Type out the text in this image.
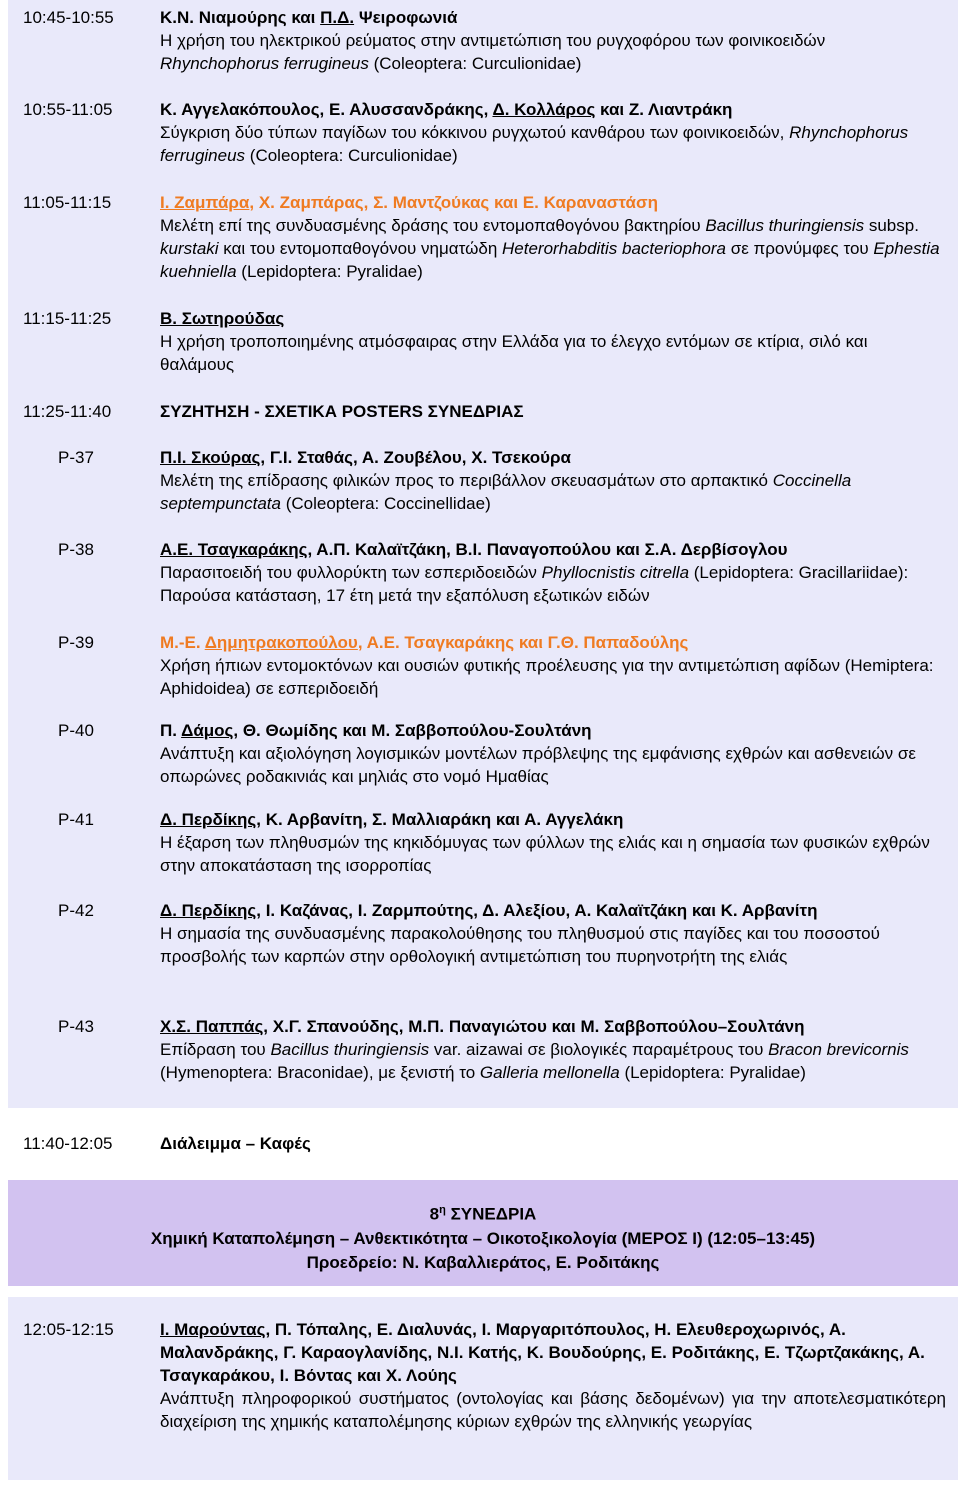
10:45-10:55	Κ.Ν. Νιαμούρης και Π.Δ. Ψειροφωνιά
Η χρήση του ηλεκτρικού ρεύματος στην αντιμετώπιση του ρυγχοφόρου των φοινικοειδών Rhynchophorus ferrugineus (Coleoptera: Curculionidae)
10:55-11:05	Κ. Αγγελακόπουλος, Ε. Αλυσσανδράκης, Δ. Κολλάρος και Ζ. Λιαντράκη
Σύγκριση δύο τύπων παγίδων του κόκκινου ρυγχωτού κανθάρου των φοινικοειδών, Rhynchophorus ferrugineus (Coleoptera: Curculionidae)
11:05-11:15	Ι. Ζαμπάρα, Χ. Ζαμπάρας, Σ. Μαντζούκας και Ε. Καραναστάση
Μελέτη επί της συνδυασμένης δράσης του εντομοπαθογόνου βακτηρίου Bacillus thuringiensis subsp. kurstaki και του εντομοπαθογόνου νηματώδη Heterorhabditis bacteriophora σε προνύμφες του Ephestia kuehniella (Lepidoptera: Pyralidae)
11:15-11:25	Β. Σωτηρούδας
Η χρήση τροποποιημένης ατμόσφαιρας στην Ελλάδα για το έλεγχο εντόμων σε κτίρια, σιλό και θαλάμους
11:25-11:40	ΣΥΖΗΤΗΣΗ - ΣΧΕΤΙΚΑ POSTERS ΣΥΝΕΔΡΙΑΣ
P-37	Π.Ι. Σκούρας, Γ.Ι. Σταθάς, Α. Ζουβέλου, Χ. Τσεκούρα
Μελέτη της επίδρασης φιλικών προς το περιβάλλον σκευασμάτων στο αρπακτικό Coccinella septempunctata (Coleoptera: Coccinellidae)
P-38	Α.Ε. Τσαγκαράκης, Α.Π. Καλαϊτζάκη, Β.Ι. Παναγοπούλου και Σ.Α. Δερβίσογλου
Παρασιτοειδή του φυλλορύκτη των εσπεριδοειδών Phyllocnistis citrella (Lepidoptera: Gracillariidae): Παρούσα κατάσταση, 17 έτη μετά την εξαπόλυση εξωτικών ειδών
P-39	Μ.-Ε. Δημητρακοπούλου, Α.Ε. Τσαγκαράκης και Γ.Θ. Παπαδούλης
Χρήση ήπιων εντομοκτόνων και ουσιών φυτικής προέλευσης για την αντιμετώπιση αφίδων (Hemiptera: Aphidoidea) σε εσπεριδοειδή
P-40	Π. Δάμος, Θ. Θωμίδης και Μ. Σαββοπούλου-Σουλτάνη
Ανάπτυξη και αξιολόγηση λογισμικών μοντέλων πρόβλεψης της εμφάνισης εχθρών και ασθενειών σε οπωρώνες ροδακινιάς και μηλιάς στο νομό Ημαθίας
P-41	Δ. Περδίκης, Κ. Αρβανίτη, Σ. Μαλλιαράκη και Α. Αγγελάκη
Η έξαρση των πληθυσμών της κηκιδόμυγας των φύλλων της ελιάς και η σημασία των φυσικών εχθρών στην αποκατάσταση της ισορροπίας
P-42	Δ. Περδίκης, Ι. Καζάνας, Ι. Ζαρμπούτης, Δ. Αλεξίου, Α. Καλαϊτζάκη και Κ. Αρβανίτη
Η σημασία της συνδυασμένης παρακολούθησης του πληθυσμού στις παγίδες και του ποσοστού προσβολής των καρπών στην ορθολογική αντιμετώπιση του πυρηνοτρήτη της ελιάς
P-43	Χ.Σ. Παππάς, Χ.Γ. Σπανούδης, Μ.Π. Παναγιώτου και Μ. Σαββοπούλου–Σουλτάνη
Επίδραση του Bacillus thuringiensis var. aizawai σε βιολογικές παραμέτρους του Bracon brevicornis (Hymenoptera: Braconidae), με ξενιστή το Galleria mellonella (Lepidoptera: Pyralidae)
11:40-12:05	Διάλειμμα – Καφές
$8^\eta$ ΣΥΝΕΔΡΙΑ
Χημική Καταπολέμηση – Ανθεκτικότητα – Οικοτοξικολογία (ΜΕΡΟΣ Ι) (12:05–13:45)
Προεδρείο: Ν. Καβαλλιεράτος, Ε. Ροδιτάκης
12:05-12:15	Ι. Μαρούντας, Π. Τόπαλης, Ε. Διαλυνάς, Ι. Μαργαριτόπουλος, Η. Ελευθεροχωρινός, Α. Μαλανδράκης, Γ. Καραογλανίδης, Ν.Ι. Κατής, Κ. Βουδούρης, Ε. Ροδιτάκης, Ε. Τζωρτζακάκης, Α. Τσαγκαράκου, Ι. Βόντας και Χ. Λούης
Ανάπτυξη πληροφορικού συστήματος (οντολογίας και βάσης δεδομένων) για την αποτελεσματικότερη διαχείριση της χημικής καταπολέμησης κύριων εχθρών της ελληνικής γεωργίας
